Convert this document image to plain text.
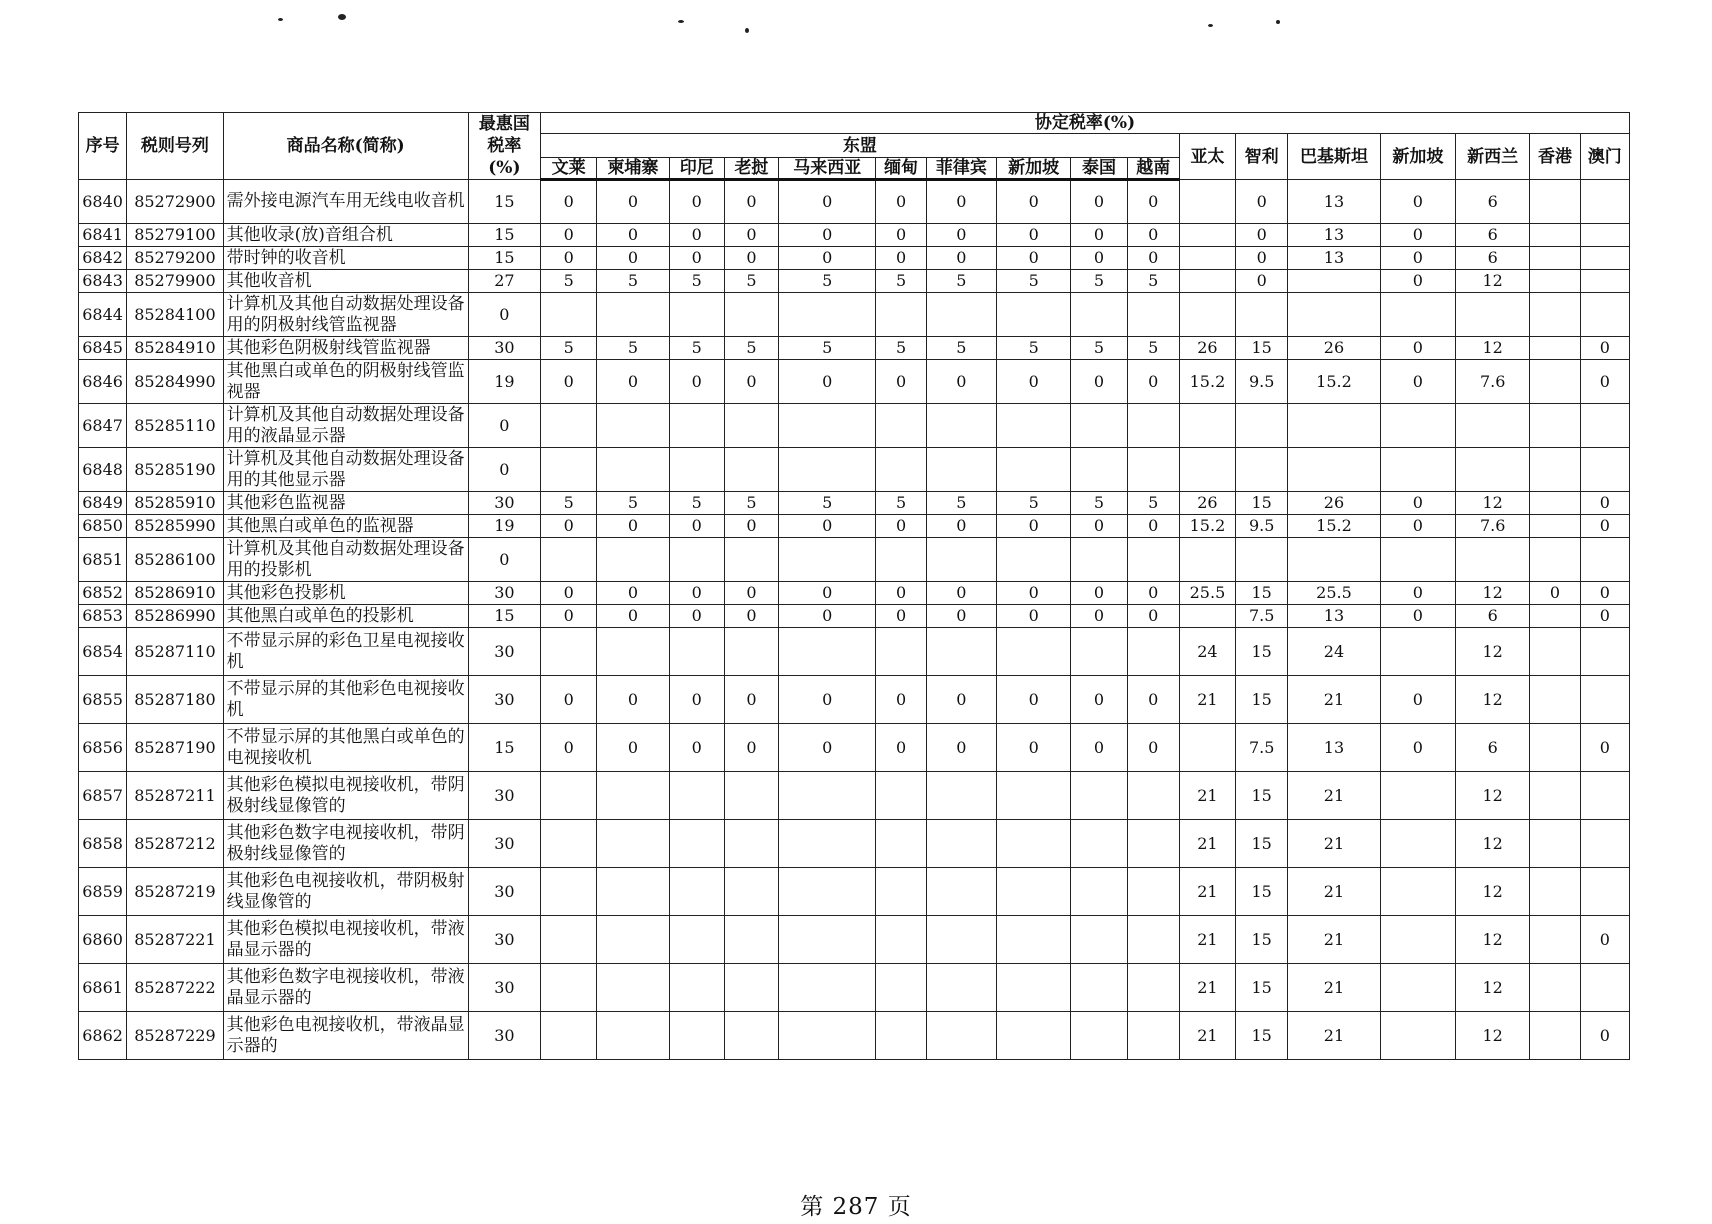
序号	税则号列	商品名称(简称)	最惠国
税率
(%)	协定税率(%)																
				东盟										亚太	智利	巴基斯坦	新加坡	新西兰	香港	澳门
				文莱	柬埔寨	印尼	老挝	马来西亚	缅甸	菲律宾	新加坡	泰国	越南							
6840	85272900	需外接电源汽车用无线电收音机	15	0	0	0	0	0	0	0	0	0	0		0	13	0	6		
6841	85279100	其他收录(放)音组合机	15	0	0	0	0	0	0	0	0	0	0		0	13	0	6		
6842	85279200	带时钟的收音机	15	0	0	0	0	0	0	0	0	0	0		0	13	0	6		
6843	85279900	其他收音机	27	5	5	5	5	5	5	5	5	5	5		0		0	12		
6844	85284100	计算机及其他自动数据处理设备用的阴极射线管监视器	0																	
6845	85284910	其他彩色阴极射线管监视器	30	5	5	5	5	5	5	5	5	5	5	26	15	26	0	12		0
6846	85284990	其他黑白或单色的阴极射线管监视器	19	0	0	0	0	0	0	0	0	0	0	15.2	9.5	15.2	0	7.6		0
6847	85285110	计算机及其他自动数据处理设备用的液晶显示器	0																	
6848	85285190	计算机及其他自动数据处理设备用的其他显示器	0																	
6849	85285910	其他彩色监视器	30	5	5	5	5	5	5	5	5	5	5	26	15	26	0	12		0
6850	85285990	其他黑白或单色的监视器	19	0	0	0	0	0	0	0	0	0	0	15.2	9.5	15.2	0	7.6		0
6851	85286100	计算机及其他自动数据处理设备用的投影机	0																	
6852	85286910	其他彩色投影机	30	0	0	0	0	0	0	0	0	0	0	25.5	15	25.5	0	12	0	0
6853	85286990	其他黑白或单色的投影机	15	0	0	0	0	0	0	0	0	0	0		7.5	13	0	6		0
6854	85287110	不带显示屏的彩色卫星电视接收机	30											24	15	24		12		
6855	85287180	不带显示屏的其他彩色电视接收机	30	0	0	0	0	0	0	0	0	0	0	21	15	21	0	12		
6856	85287190	不带显示屏的其他黑白或单色的电视接收机	15	0	0	0	0	0	0	0	0	0	0		7.5	13	0	6		0
6857	85287211	其他彩色模拟电视接收机，带阴极射线显像管的	30											21	15	21		12		
6858	85287212	其他彩色数字电视接收机，带阴极射线显像管的	30											21	15	21		12		
6859	85287219	其他彩色电视接收机，带阴极射线显像管的	30											21	15	21		12		
6860	85287221	其他彩色模拟电视接收机，带液晶显示器的	30											21	15	21		12		0
6861	85287222	其他彩色数字电视接收机，带液晶显示器的	30											21	15	21		12		
6862	85287229	其他彩色电视接收机，带液晶显示器的	30											21	15	21		12		0
第 287 页
